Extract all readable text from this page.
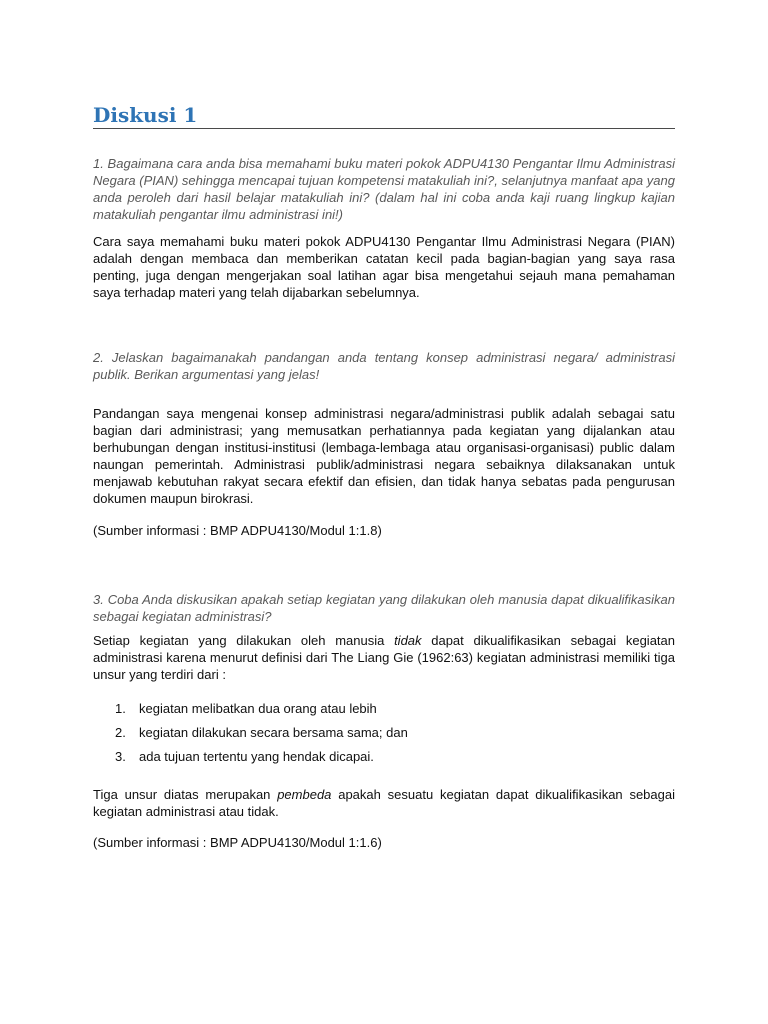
Diskusi 1

1. Bagaimana cara anda bisa memahami buku materi pokok ADPU4130 Pengantar Ilmu Administrasi Negara (PIAN) sehingga mencapai tujuan kompetensi matakuliah ini?, selanjutnya manfaat apa yang anda peroleh dari hasil belajar matakuliah ini? (dalam hal ini coba anda kaji ruang lingkup kajian matakuliah pengantar ilmu administrasi ini!)

Cara saya memahami buku materi pokok ADPU4130 Pengantar Ilmu Administrasi Negara (PIAN) adalah dengan membaca dan memberikan catatan kecil pada bagian-bagian yang saya rasa penting, juga dengan mengerjakan soal latihan agar bisa mengetahui sejauh mana pemahaman saya terhadap materi yang telah dijabarkan sebelumnya.

2. Jelaskan bagaimanakah pandangan anda tentang konsep administrasi negara/ administrasi publik. Berikan argumentasi yang jelas!

Pandangan saya mengenai konsep administrasi negara/administrasi publik adalah sebagai satu bagian dari administrasi; yang memusatkan perhatiannya pada kegiatan yang dijalankan atau berhubungan dengan institusi-institusi (lembaga-lembaga atau organisasi-organisasi) public dalam naungan pemerintah. Administrasi publik/administrasi negara sebaiknya dilaksanakan untuk menjawab kebutuhan rakyat secara efektif dan efisien, dan tidak hanya sebatas pada pengurusan dokumen maupun birokrasi.

(Sumber informasi : BMP ADPU4130/Modul 1:1.8)

3. Coba Anda diskusikan apakah setiap kegiatan yang dilakukan oleh manusia dapat dikualifikasikan sebagai kegiatan administrasi?

Setiap kegiatan yang dilakukan oleh manusia tidak dapat dikualifikasikan sebagai kegiatan administrasi karena menurut definisi dari The Liang Gie (1962:63) kegiatan administrasi memiliki tiga unsur yang terdiri dari :

1. kegiatan melibatkan dua orang atau lebih
2. kegiatan dilakukan secara bersama sama; dan
3. ada tujuan tertentu yang hendak dicapai.

Tiga unsur diatas merupakan pembeda apakah sesuatu kegiatan dapat dikualifikasikan sebagai kegiatan administrasi atau tidak.

(Sumber informasi : BMP ADPU4130/Modul 1:1.6)
